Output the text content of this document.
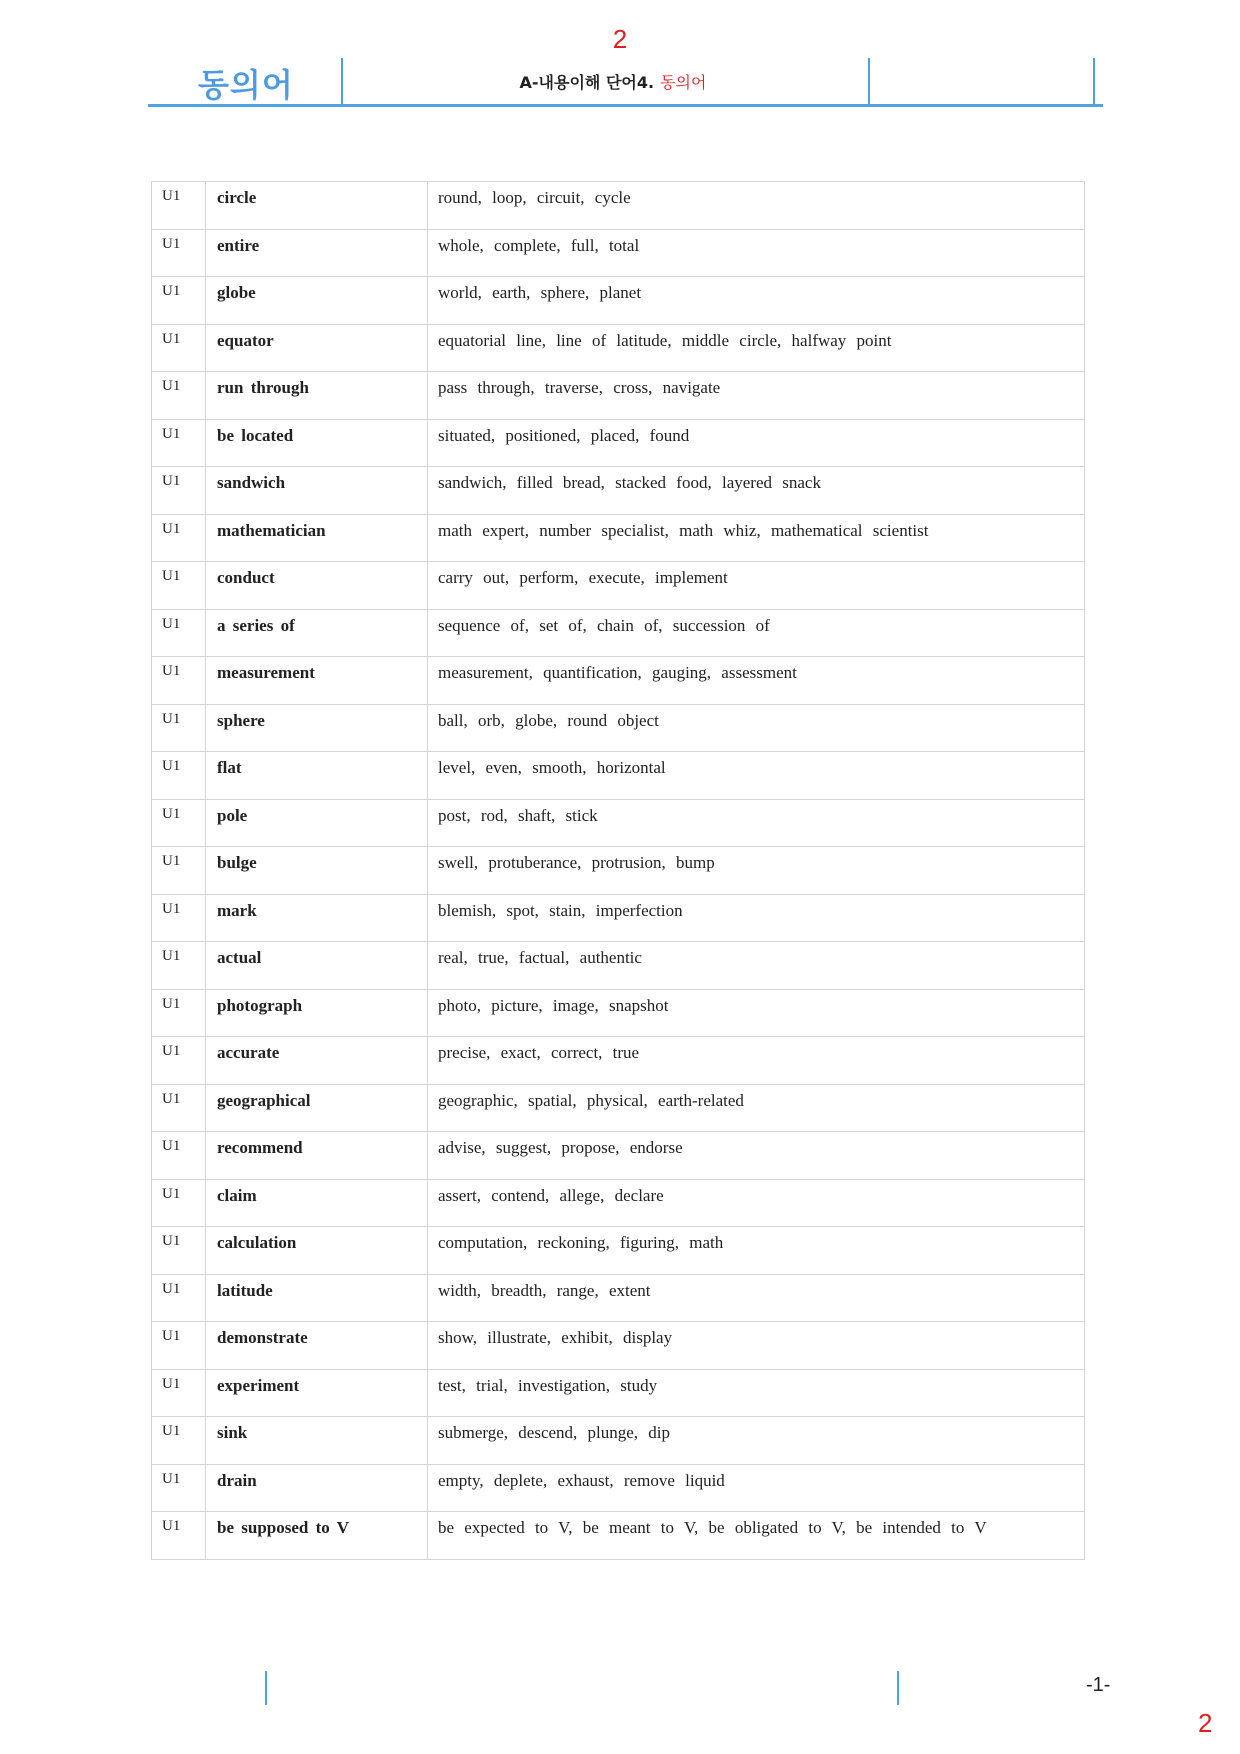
2
동의어	A-내용이해 단어4. 동의어
U1	circle	round, loop, circuit, cycle

U1	entire	whole, complete, full, total

U1	globe	world, earth, sphere, planet

U1	equator	equatorial line, line of latitude, middle circle, halfway point

U1	run through	pass through, traverse, cross, navigate

U1	be located	situated, positioned, placed, found

U1	sandwich	sandwich, filled bread, stacked food, layered snack

U1	mathematician	math expert, number specialist, math whiz, mathematical scientist

U1	conduct	carry out, perform, execute, implement

U1	a series of	sequence of, set of, chain of, succession of

U1	measurement	measurement, quantification, gauging, assessment

U1	sphere	ball, orb, globe, round object

U1	flat	level, even, smooth, horizontal

U1	pole	post, rod, shaft, stick

U1	bulge	swell, protuberance, protrusion, bump

U1	mark	blemish, spot, stain, imperfection

U1	actual	real, true, factual, authentic

U1	photograph	photo, picture, image, snapshot

U1	accurate	precise, exact, correct, true

U1	geographical	geographic, spatial, physical, earth-related

U1	recommend	advise, suggest, propose, endorse

U1	claim	assert, contend, allege, declare

U1	calculation	computation, reckoning, figuring, math

U1	latitude	width, breadth, range, extent

U1	demonstrate	show, illustrate, exhibit, display

U1	experiment	test, trial, investigation, study

U1	sink	submerge, descend, plunge, dip

U1	drain	empty, deplete, exhaust, remove liquid

U1	be supposed to V	be expected to V, be meant to V, be obligated to V, be intended to V
-1-
2
